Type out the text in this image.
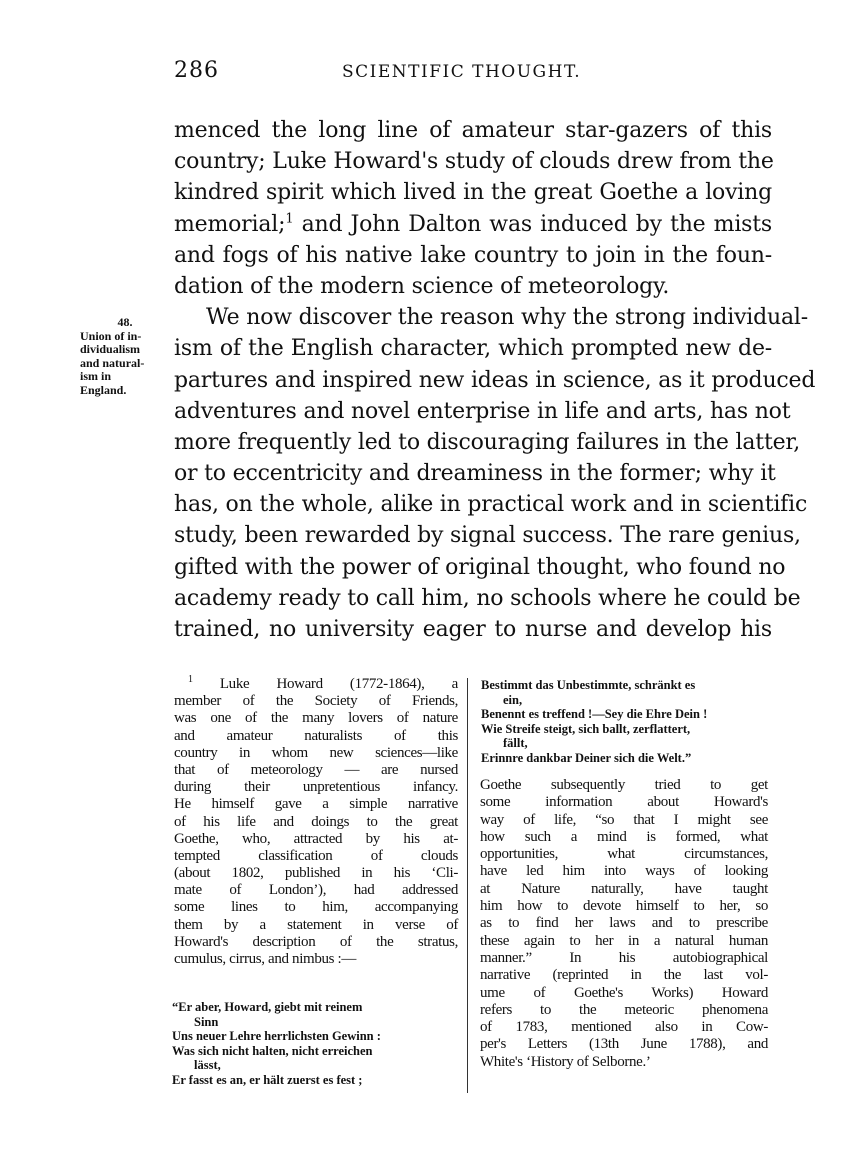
286	SCIENTIFIC THOUGHT.
menced the long line of amateur star-gazers of this
country; Luke Howard's study of clouds drew from the
kindred spirit which lived in the great Goethe a loving
memorial;$^1$ and John Dalton was induced by the mists
and fogs of his native lake country to join in the foun-
dation of the modern science of meteorology.
We now discover the reason why the strong individual-
ism of the English character, which prompted new de-
partures and inspired new ideas in science, as it produced
adventures and novel enterprise in life and arts, has not
more frequently led to discouraging failures in the latter,
or to eccentricity and dreaminess in the former; why it
has, on the whole, alike in practical work and in scientific
study, been rewarded by signal success. The rare genius,
gifted with the power of original thought, who found no
academy ready to call him, no schools where he could be
trained, no university eager to nurse and develop his
48.
Union of in-
dividualism
and natural-
ism in
England.
$^1$ Luke Howard (1772-1864), a
member of the Society of Friends,
was one of the many lovers of nature
and amateur naturalists of this
country in whom new sciences—like
that of meteorology — are nursed
during their unpretentious infancy.
He himself gave a simple narrative
of his life and doings to the great
Goethe, who, attracted by his at-
tempted classification of clouds
(about 1802, published in his ‘Cli-
mate of London’), had addressed
some lines to him, accompanying
them by a statement in verse of
Howard's description of the stratus,
cumulus, cirrus, and nimbus :—
“Er aber, Howard, giebt mit reinem
Sinn
Uns neuer Lehre herrlichsten Gewinn :
Was sich nicht halten, nicht erreichen
lässt,
Er fasst es an, er hält zuerst es fest ;
Bestimmt das Unbestimmte, schränkt es
ein,
Benennt es treffend !—Sey die Ehre Dein !
Wie Streife steigt, sich ballt, zerflattert,
fällt,
Erinnre dankbar Deiner sich die Welt.”
Goethe subsequently tried to get
some information about Howard's
way of life, “so that I might see
how such a mind is formed, what
opportunities, what circumstances,
have led him into ways of looking
at Nature naturally, have taught
him how to devote himself to her, so
as to find her laws and to prescribe
these again to her in a natural human
manner.” In his autobiographical
narrative (reprinted in the last vol-
ume of Goethe's Works) Howard
refers to the meteoric phenomena
of 1783, mentioned also in Cow-
per's Letters (13th June 1788), and
White's ‘History of Selborne.’
